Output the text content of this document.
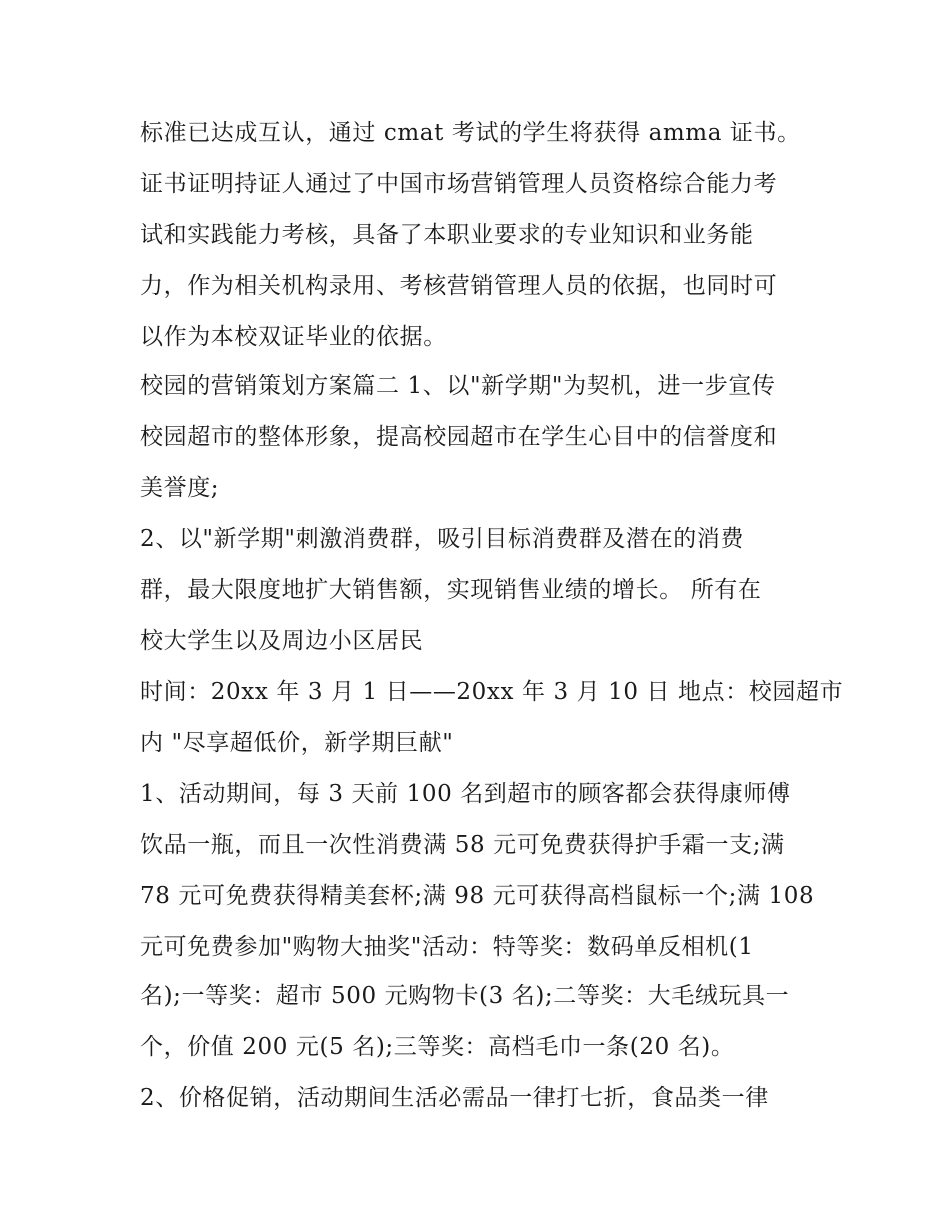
标准已达成互认，通过 cmat 考试的学生将获得 amma 证书。
证书证明持证人通过了中国市场营销管理人员资格综合能力考
试和实践能力考核，具备了本职业要求的专业知识和业务能
力，作为相关机构录用、考核营销管理人员的依据，也同时可
以作为本校双证毕业的依据。
校园的营销策划方案篇二 1、以"新学期"为契机，进一步宣传
校园超市的整体形象，提高校园超市在学生心目中的信誉度和
美誉度;
2、以"新学期"刺激消费群，吸引目标消费群及潜在的消费
群，最大限度地扩大销售额，实现销售业绩的增长。 所有在
校大学生以及周边小区居民
时间：20xx 年 3 月 1 日——20xx 年 3 月 10 日 地点：校园超市
内 "尽享超低价，新学期巨献"
1、活动期间，每 3 天前 100 名到超市的顾客都会获得康师傅
饮品一瓶，而且一次性消费满 58 元可免费获得护手霜一支;满
78 元可免费获得精美套杯;满 98 元可获得高档鼠标一个;满 108
元可免费参加"购物大抽奖"活动：特等奖：数码单反相机(1
名);一等奖：超市 500 元购物卡(3 名);二等奖：大毛绒玩具一
个，价值 200 元(5 名);三等奖：高档毛巾一条(20 名)。
2、价格促销，活动期间生活必需品一律打七折，食品类一律
